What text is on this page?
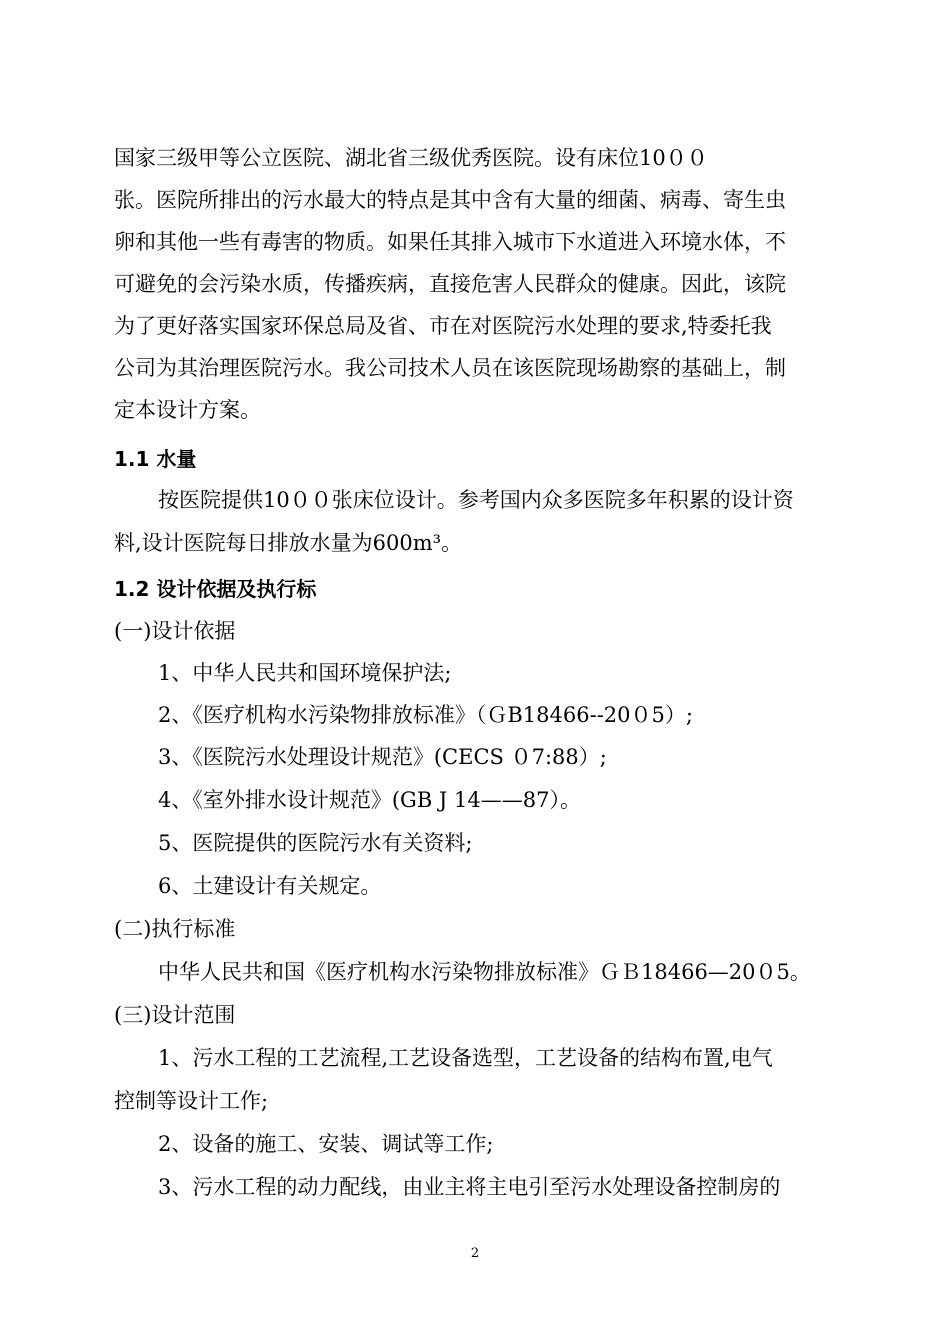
国家三级甲等公立医院、湖北省三级优秀医院。设有床位10００
张。医院所排出的污水最大的特点是其中含有大量的细菌、病毒、寄生虫
卵和其他一些有毒害的物质。如果任其排入城市下水道进入环境水体，不
可避免的会污染水质，传播疾病，直接危害人民群众的健康。因此，该院
为了更好落实国家环保总局及省、市在对医院污水处理的要求,特委托我
公司为其治理医院污水。我公司技术人员在该医院现场勘察的基础上，制
定本设计方案。
1.1 水量
按医院提供10００张床位设计。参考国内众多医院多年积累的设计资
料,设计医院每日排放水量为600m³。
1.2 设计依据及执行标
(一)设计依据
1、中华人民共和国环境保护法;
2、《医疗机构水污染物排放标准》（ＧB18466--20０5）;
3、《医院污水处理设计规范》(CECS ０7:88）;
4、《室外排水设计规范》(GB J 14——87）。
5、医院提供的医院污水有关资料;
6、土建设计有关规定。
(二)执行标准
中华人民共和国《医疗机构水污染物排放标准》ＧＢ18466—20０5。
(三)设计范围
1、污水工程的工艺流程,工艺设备选型，工艺设备的结构布置,电气
控制等设计工作;
2、设备的施工、安装、调试等工作;
3、污水工程的动力配线，由业主将主电引至污水处理设备控制房的
2
